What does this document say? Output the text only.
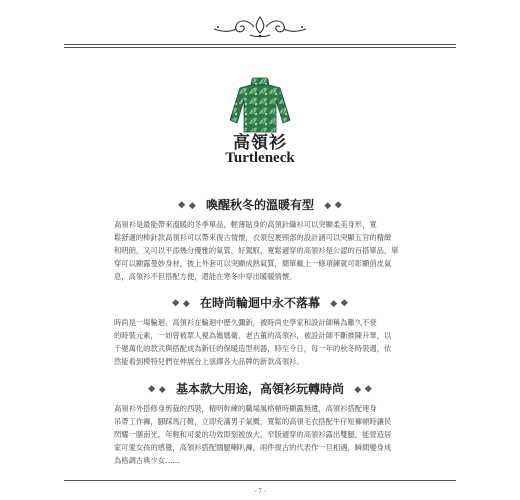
高領衫
Turtleneck
❖ ◆ 喚醒秋冬的溫暖有型 ◆ ❖
高領衫是最能帶來溫暖的冬季單品，輕薄貼身的高領針織衫可以突顯柔美身形，寬
鬆舒適的棒針款高領衫可以帶來復古情懷，衣領包裹頸部的設計涵可以突顯五官的精緻
和明朗，又可以平添幾分優雅的氣質，好駕馭，寬鬆適穿的高領衫是公認的百搭單品，單
穿可以顯露曼妙身材，披上外套可以突顯成熟氣質，簡單戴上一條項鍊就可彰顯俏皮氣
息，高領衫不但搭配方便，還能在寒冬中穿出暖暖情懷。
❖ ◆ 在時尚輪迴中永不落幕 ◆ ❖
時尚是一場輪迴，高領衫在輪迴中歷久彌新，被時尚史學家和設計師稱為難久不衰
的時裝元素，一如曾被眾人視為媽媽衛、老古董的高領衫，被設計師不斷推陳升華，以
千變萬化的款式與搭配成為新任的保暖造型利器，時至今日，每一年的秋冬時裝週，依
然能看到模特兒們在伸展台上演繹各大品牌的新款高領衫。
❖ ◆ 基本款大用途，高領衫玩轉時尚 ◆ ❖
高領衫外搭修身剪裁的西裝，精明幹練的職場風格頓時顯露無遺，高領衫搭配連身
吊帶工作褲，腳踩馬汀靴，立即充滿男子氣概，寬鬆的高領毛衣搭配牛仔短褲頓時讓民
閃耀一膳南光，年輕和可愛的功效即刻被放大，窄版適穿的高領衫露出雙腿，能營造居
家可愛女孩的感覺，高領衫搭配闊腿喇叭褲，兩件復古的代表作一旦相遇，瞬間變身成
為格調古典少女……
- 7 -
